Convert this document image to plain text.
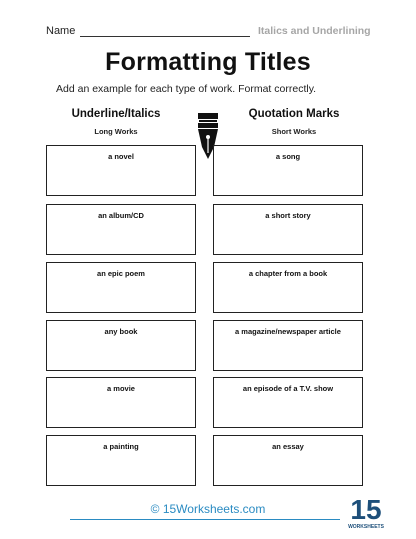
Name	Italics and Underlining
Formatting Titles
Add an example for each type of work. Format correctly.
Underline/Italics
Long Works
Quotation Marks
Short Works
a novel
an album/CD
an epic poem
any book
a movie
a painting
a song
a short story
a chapter from a book
a magazine/newspaper article
an episode of a T.V. show
an essay
© 15Worksheets.com	15
WORKSHEETS
